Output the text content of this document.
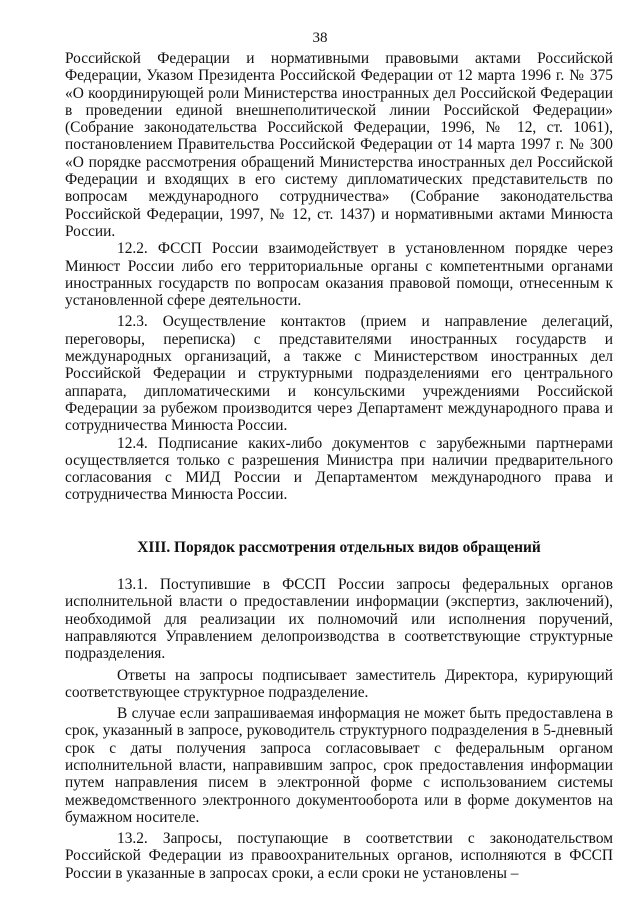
38

Российской Федерации и нормативными правовыми актами Российской Федерации, Указом Президента Российской Федерации от 12 марта 1996 г. № 375 «О координирующей роли Министерства иностранных дел Российской Федерации в проведении единой внешнеполитической линии Российской Федерации» (Собрание законодательства Российской Федерации, 1996, № 12, ст. 1061), постановлением Правительства Российской Федерации от 14 марта 1997 г. № 300 «О порядке рассмотрения обращений Министерства иностранных дел Российской Федерации и входящих в его систему дипломатических представительств по вопросам международного сотрудничества» (Собрание законодательства Российской Федерации, 1997, № 12, ст. 1437) и нормативными актами Минюста России.

12.2. ФССП России взаимодействует в установленном порядке через Минюст России либо его территориальные органы с компетентными органами иностранных государств по вопросам оказания правовой помощи, отнесенным к установленной сфере деятельности.

12.3. Осуществление контактов (прием и направление делегаций, переговоры, переписка) с представителями иностранных государств и международных организаций, а также с Министерством иностранных дел Российской Федерации и структурными подразделениями его центрального аппарата, дипломатическими и консульскими учреждениями Российской Федерации за рубежом производится через Департамент международного права и сотрудничества Минюста России.

12.4. Подписание каких-либо документов с зарубежными партнерами осуществляется только с разрешения Министра при наличии предварительного согласования с МИД России и Департаментом международного права и сотрудничества Минюста России.

XIII. Порядок рассмотрения отдельных видов обращений

13.1. Поступившие в ФССП России запросы федеральных органов исполнительной власти о предоставлении информации (экспертиз, заключений), необходимой для реализации их полномочий или исполнения поручений, направляются Управлением делопроизводства в соответствующие структурные подразделения.

Ответы на запросы подписывает заместитель Директора, курирующий соответствующее структурное подразделение.

В случае если запрашиваемая информация не может быть предоставлена в срок, указанный в запросе, руководитель структурного подразделения в 5-дневный срок с даты получения запроса согласовывает с федеральным органом исполнительной власти, направившим запрос, срок предоставления информации путем направления писем в электронной форме с использованием системы межведомственного электронного документооборота или в форме документов на бумажном носителе.

13.2. Запросы, поступающие в соответствии с законодательством Российской Федерации из правоохранительных органов, исполняются в ФССП России в указанные в запросах сроки, а если сроки не установлены –
